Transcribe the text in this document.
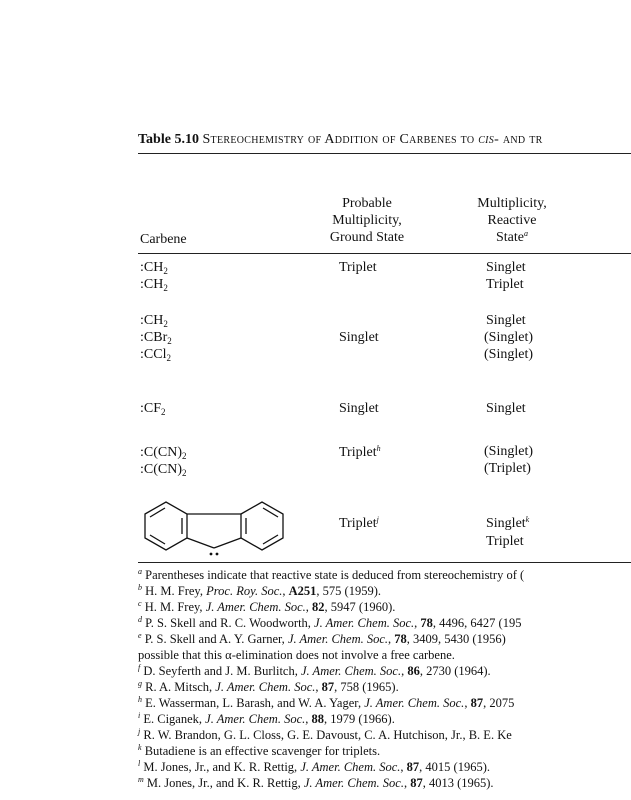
Table 5.10 Stereochemistry of Addition of Carbenes to cis- and tr
Probable
Multiplicity,
Ground State
Multiplicity,
Reactive
State$^a$
Carbene
$:CH_2$
$:CH_2$
$:CH_2$
:CBr$_2$
:CCl$_2$
$:CF_2$
$:C(CN)_2$
$:C(CN)_2$
Triplet
Singlet
Singlet
Triplet$^h$
Triplet$^j$
Singlet
Triplet
Singlet
(Singlet)
(Singlet)
Singlet
(Singlet)
(Triplet)
Singlet$^k$
Triplet
$^a$ Parentheses indicate that reactive state is deduced from stereochemistry of (
$^b$ H. M. Frey, Proc. Roy. Soc., A251, 575 (1959).
$^c$ H. M. Frey, J. Amer. Chem. Soc., 82, 5947 (1960).
$^d$ P. S. Skell and R. C. Woodworth, J. Amer. Chem. Soc., 78, 4496, 6427 (195
$^e$ P. S. Skell and A. Y. Garner, J. Amer. Chem. Soc., 78, 3409, 5430 (1956)
possible that this α-elimination does not involve a free carbene.
$^f$ D. Seyferth and J. M. Burlitch, J. Amer. Chem. Soc., 86, 2730 (1964).
$^g$ R. A. Mitsch, J. Amer. Chem. Soc., 87, 758 (1965).
$^h$ E. Wasserman, L. Barash, and W. A. Yager, J. Amer. Chem. Soc., 87, 2075
$^i$ E. Ciganek, J. Amer. Chem. Soc., 88, 1979 (1966).
$^j$ R. W. Brandon, G. L. Closs, G. E. Davoust, C. A. Hutchison, Jr., B. E. Ke
$^k$ Butadiene is an effective scavenger for triplets.
$^l$ M. Jones, Jr., and K. R. Rettig, J. Amer. Chem. Soc., 87, 4015 (1965).
$^m$ M. Jones, Jr., and K. R. Rettig, J. Amer. Chem. Soc., 87, 4013 (1965).
